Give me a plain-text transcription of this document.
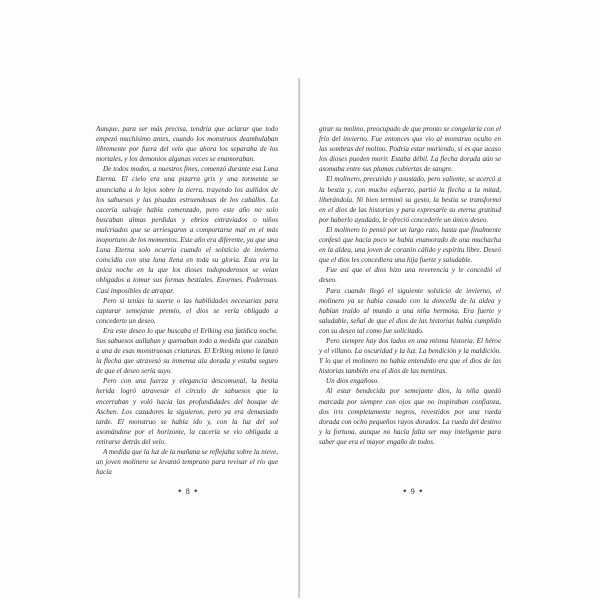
Aunque, para ser más precisa, tendría que aclarar que todo empezó muchísimo antes, cuando los monstruos deambulaban libremente por fuera del velo que ahora los separaba de los mortales, y los demonios algunas veces se enamoraban.

De todos modos, a nuestros fines, comenzó durante esa Luna Eterna. El cielo era una pizarra gris y una tormenta se anunciaba a lo lejos sobre la tierra, trayendo los aullidos de los sabuesos y las pisadas estruendosas de los caballos. La cacería salvaje había comenzado, pero este año no solo buscaban almas perdidas y ebrios extraviados o niños malcriados que se arriesgaron a comportarse mal en el más inoportuno de los momentos. Este año era diferente, ya que una Luna Eterna solo ocurría cuando el solsticio de invierno coincidía con una luna llena en toda su gloria. Esta era la única noche en la que los dioses todopoderosos se veían obligados a tomar sus formas bestiales. Enormes. Poderosas. Casi imposibles de atrapar.

Pero si tenías la suerte o las habilidades necesarias para capturar semejante premio, el dios se vería obligado a concederte un deseo.

Era este deseo lo que buscaba el Erlking esa fatídica noche. Sus sabuesos aullaban y quemaban todo a medida que cazaban a una de esas monstruosas criaturas. El Erlking mismo le lanzó la flecha que atravesó su inmensa ala dorada y estaba seguro de que el deseo sería suyo.

Pero con una fuerza y elegancia descomunal, la bestia herida logró atravesar el círculo de sabuesos que la encerraban y voló hacia las profundidades del bosque de Aschen. Los cazadores la siguieron, pero ya era demasiado tarde. El monstruo se había ido y, con la luz del sol asomándose por el horizonte, la cacería se vio obligada a retirarse detrás del velo.

A medida que la luz de la mañana se reflejaba sobre la nieve, un joven molinero se levantó temprano para revisar el río que hacía

girar su molino, preocupado de que pronto se congelaría con el frío del invierno. Fue entonces que vio al monstruo oculto en las sombras del molino. Podría estar muriendo, si es que acaso los dioses pueden morir. Estaba débil. La flecha dorada aún se asomaba entre sus plumas cubiertas de sangre.

El molinero, precavido y asustado, pero valiente, se acercó a la bestia y, con mucho esfuerzo, partió la flecha a la mitad, liberándola. Ni bien terminó su gesto, la bestia se transformó en el dios de las historias y para expresarle su eterna gratitud por haberlo ayudado, le ofreció concederle un único deseo.

El molinero lo pensó por un largo rato, hasta que finalmente confesó que hacía poco se había enamorado de una muchacha en la aldea, una joven de corazón cálido y espíritu libre. Deseó que el dios les concediera una hija fuerte y saludable.

Fue así que el dios hizo una reverencia y le concedió el deseo.

Para cuando llegó el siguiente solsticio de invierno, el molinero ya se había casado con la doncella de la aldea y habían traído al mundo a una niña hermosa. Era fuerte y saludable, señal de que el dios de las historias había cumplido con su deseo tal como fue solicitado.

Pero siempre hay dos lados en una misma historia. El héroe y el villano. La oscuridad y la luz. La bendición y la maldición. Y lo que el molinero no había entendido era que el dios de las historias también era el dios de las mentiras.

Un dios engañoso.

Al estar bendecida por semejante dios, la niña quedó marcada por siempre con ojos que no inspiraban confianza, dos iris completamente negros, revestidos por una rueda dorada con ocho pequeños rayos dorados. La rueda del destino y la fortuna, aunque no hacía falta ser muy inteligente para saber que era el mayor engaño de todos.

✦ 8 ✦	✦ 9 ✦
